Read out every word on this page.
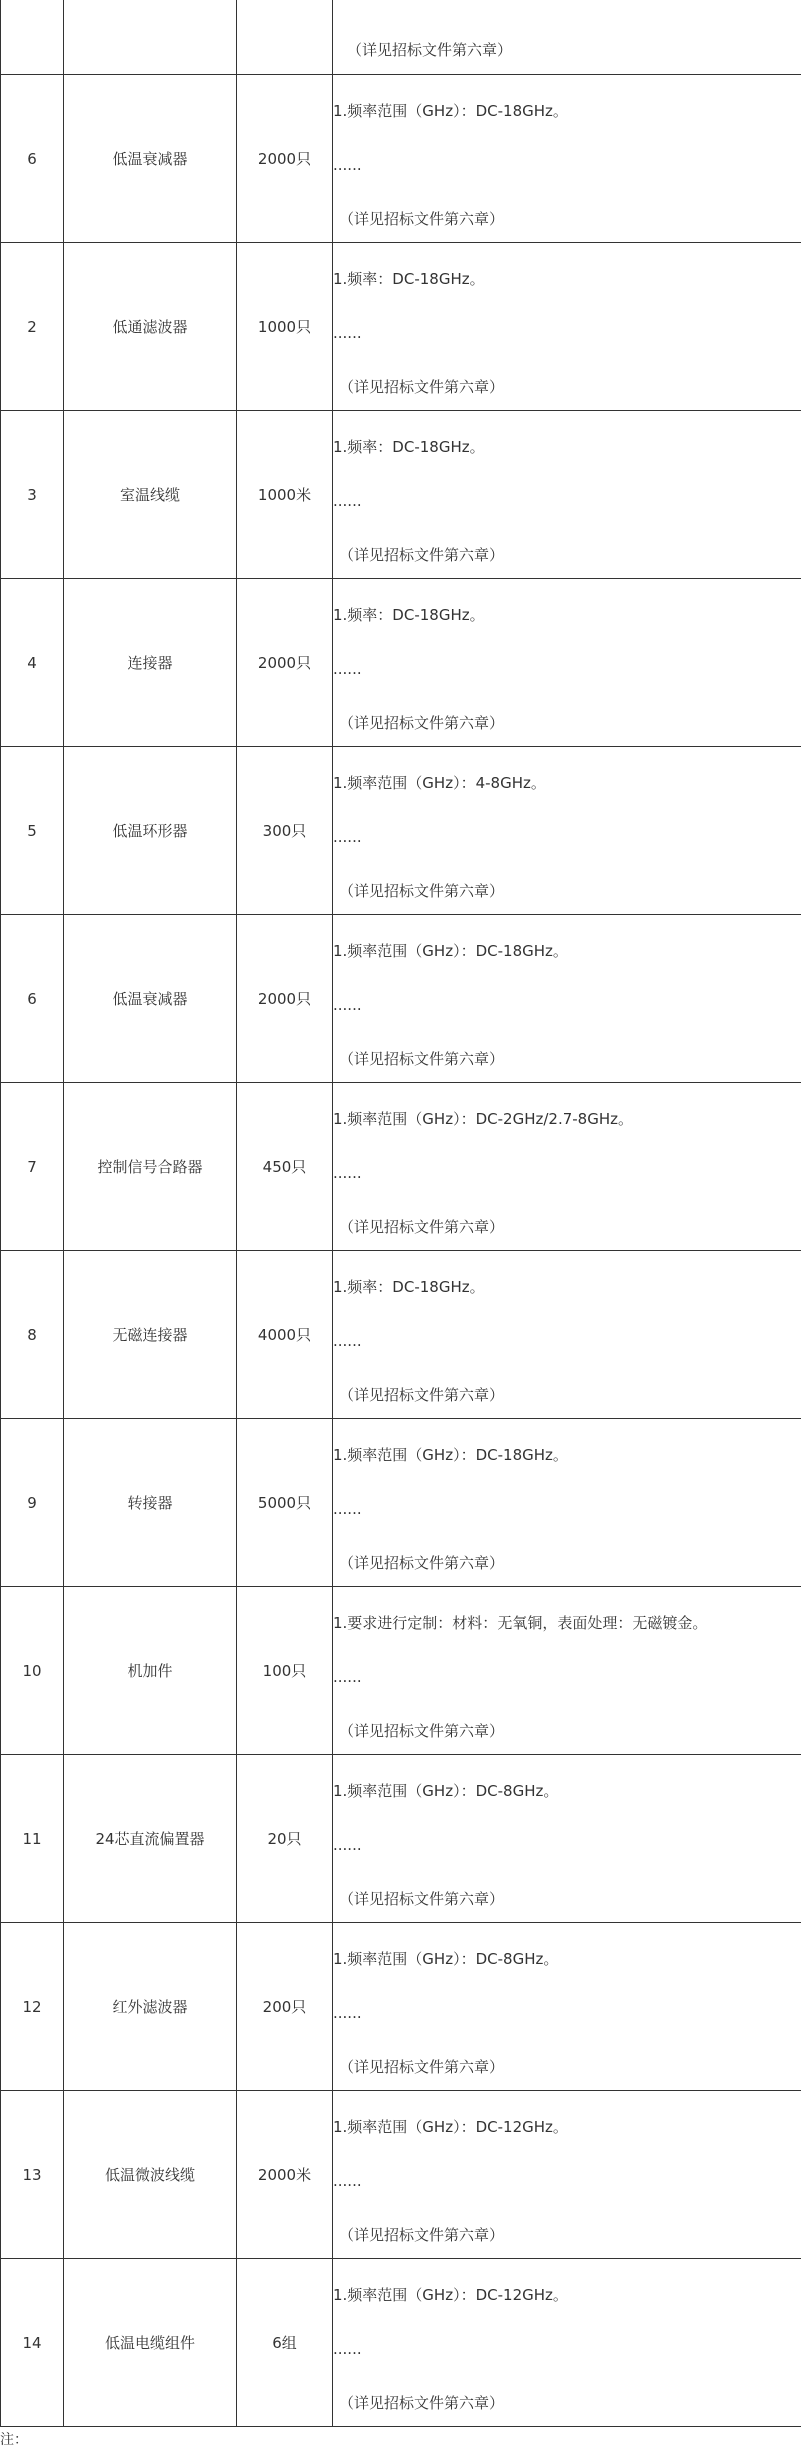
			（详见招标文件第六章）

6	低温衰减器	2000只	1.频率范围（GHz）：DC-18GHz。
......
（详见招标文件第六章）

2	低通滤波器	1000只	1.频率：DC-18GHz。
......
（详见招标文件第六章）

3	室温线缆	1000米	1.频率：DC-18GHz。
......
（详见招标文件第六章）

4	连接器	2000只	1.频率：DC-18GHz。
......
（详见招标文件第六章）

5	低温环形器	300只	1.频率范围（GHz）：4-8GHz。
......
（详见招标文件第六章）

6	低温衰减器	2000只	1.频率范围（GHz）：DC-18GHz。
......
（详见招标文件第六章）

7	控制信号合路器	450只	1.频率范围（GHz）：DC-2GHz/2.7-8GHz。
......
（详见招标文件第六章）

8	无磁连接器	4000只	1.频率：DC-18GHz。
......
（详见招标文件第六章）

9	转接器	5000只	1.频率范围（GHz）：DC-18GHz。
......
（详见招标文件第六章）

10	机加件	100只	1.要求进行定制：材料：无氧铜，表面处理：无磁镀金。
......
（详见招标文件第六章）

11	24芯直流偏置器	20只	1.频率范围（GHz）：DC-8GHz。
......
（详见招标文件第六章）

12	红外滤波器	200只	1.频率范围（GHz）：DC-8GHz。
......
（详见招标文件第六章）

13	低温微波线缆	2000米	1.频率范围（GHz）：DC-12GHz。
......
（详见招标文件第六章）

14	低温电缆组件	6组	1.频率范围（GHz）：DC-12GHz。
......
（详见招标文件第六章）
注：
